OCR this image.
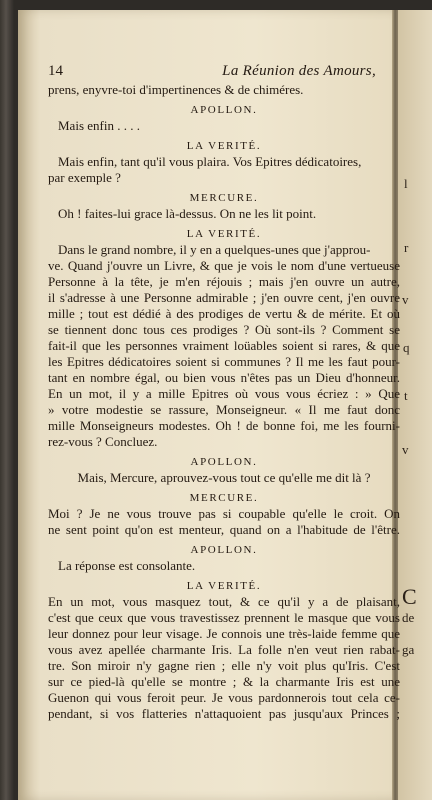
l
r
v
q
t
v
C
de
ga
14	La Réunion des Amours,
prens, enyvre-toi d'impertinences & de chiméres.
APOLLON.
Mais enfin . . . .
LA VERITÉ.
Mais enfin, tant qu'il vous plaira. Vos Epitres dédicatoires,
par exemple ?
MERCURE.
Oh ! faites-lui grace là-dessus. On ne les lit point.
LA VERITÉ.
Dans le grand nombre, il y en a quelques-unes que j'approu-
ve. Quand j'ouvre un Livre, & que je vois le nom d'une vertueuse
Personne à la tête, je m'en réjouis ; mais j'en ouvre un autre,
il s'adresse à une Personne admirable ; j'en ouvre cent, j'en ouvre
mille ; tout est dédié à des prodiges de vertu & de mérite. Et où
se tiennent donc tous ces prodiges ? Où sont-ils ? Comment se
fait-il que les personnes vraiment loüables soient si rares, & que
les Epitres dédicatoires soient si communes ? Il me les faut pour-
tant en nombre égal, ou bien vous n'êtes pas un Dieu d'honneur.
En un mot, il y a mille Epitres où vous vous écriez : » Que
» votre modestie se rassure, Monseigneur. « Il me faut donc
mille Monseigneurs modestes. Oh ! de bonne foi, me les fourni-
rez-vous ? Concluez.
APOLLON.
Mais, Mercure, aprouvez-vous tout ce qu'elle me dit là ?
MERCURE.
Moi ? Je ne vous trouve pas si coupable qu'elle le croit. On
ne sent point qu'on est menteur, quand on a l'habitude de l'être.
APOLLON.
La réponse est consolante.
LA VERITÉ.
En un mot, vous masquez tout, & ce qu'il y a de plaisant,
c'est que ceux que vous travestissez prennent le masque que vous
leur donnez pour leur visage. Je connois une très-laide femme que
vous avez apellée charmante Iris. La folle n'en veut rien rabat-
tre. Son miroir n'y gagne rien ; elle n'y voit plus qu'Iris. C'est
sur ce pied-là qu'elle se montre ; & la charmante Iris est une
Guenon qui vous feroit peur. Je vous pardonnerois tout cela ce-
pendant, si vos flatteries n'attaquoient pas jusqu'aux Princes ;
